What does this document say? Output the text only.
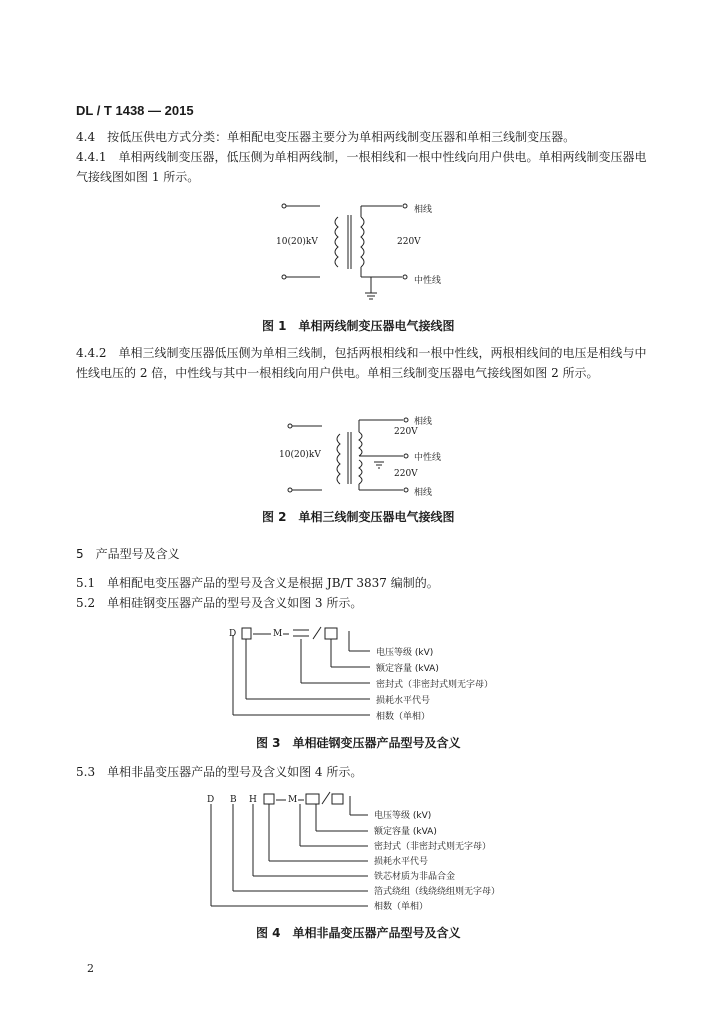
DL / T 1438 — 2015
4.4　按低压供电方式分类：单相配电变压器主要分为单相两线制变压器和单相三线制变压器。
4.4.1　单相两线制变压器，低压侧为单相两线制，一根相线和一根中性线向用户供电。单相两线制变压器电气接线图如图 1 所示。
10(20)kV	220V
相线
中性线
图 1　单相两线制变压器电气接线图
4.4.2　单相三线制变压器低压侧为单相三线制，包括两根相线和一根中性线，两根相线间的电压是相线与中性线电压的 2 倍，中性线与其中一根相线向用户供电。单相三线制变压器电气接线图如图 2 所示。
10(20)kV
220V
220V
相线
中性线
相线
图 2　单相三线制变压器电气接线图
5　产品型号及含义
5.1　单相配电变压器产品的型号及含义是根据 JB/T 3837 编制的。
5.2　单相硅钢变压器产品的型号及含义如图 3 所示。
D	M
电压等级 (kV)
额定容量 (kVA)
密封式（非密封式则无字母）
损耗水平代号
相数（单相）
图 3　单相硅钢变压器产品型号及含义
5.3　单相非晶变压器产品的型号及含义如图 4 所示。
D B H	M
电压等级 (kV)
额定容量 (kVA)
密封式（非密封式则无字母）
损耗水平代号
铁芯材质为非晶合金
箔式绕组（线绕绕组则无字母）
相数（单相）
图 4　单相非晶变压器产品型号及含义
2
